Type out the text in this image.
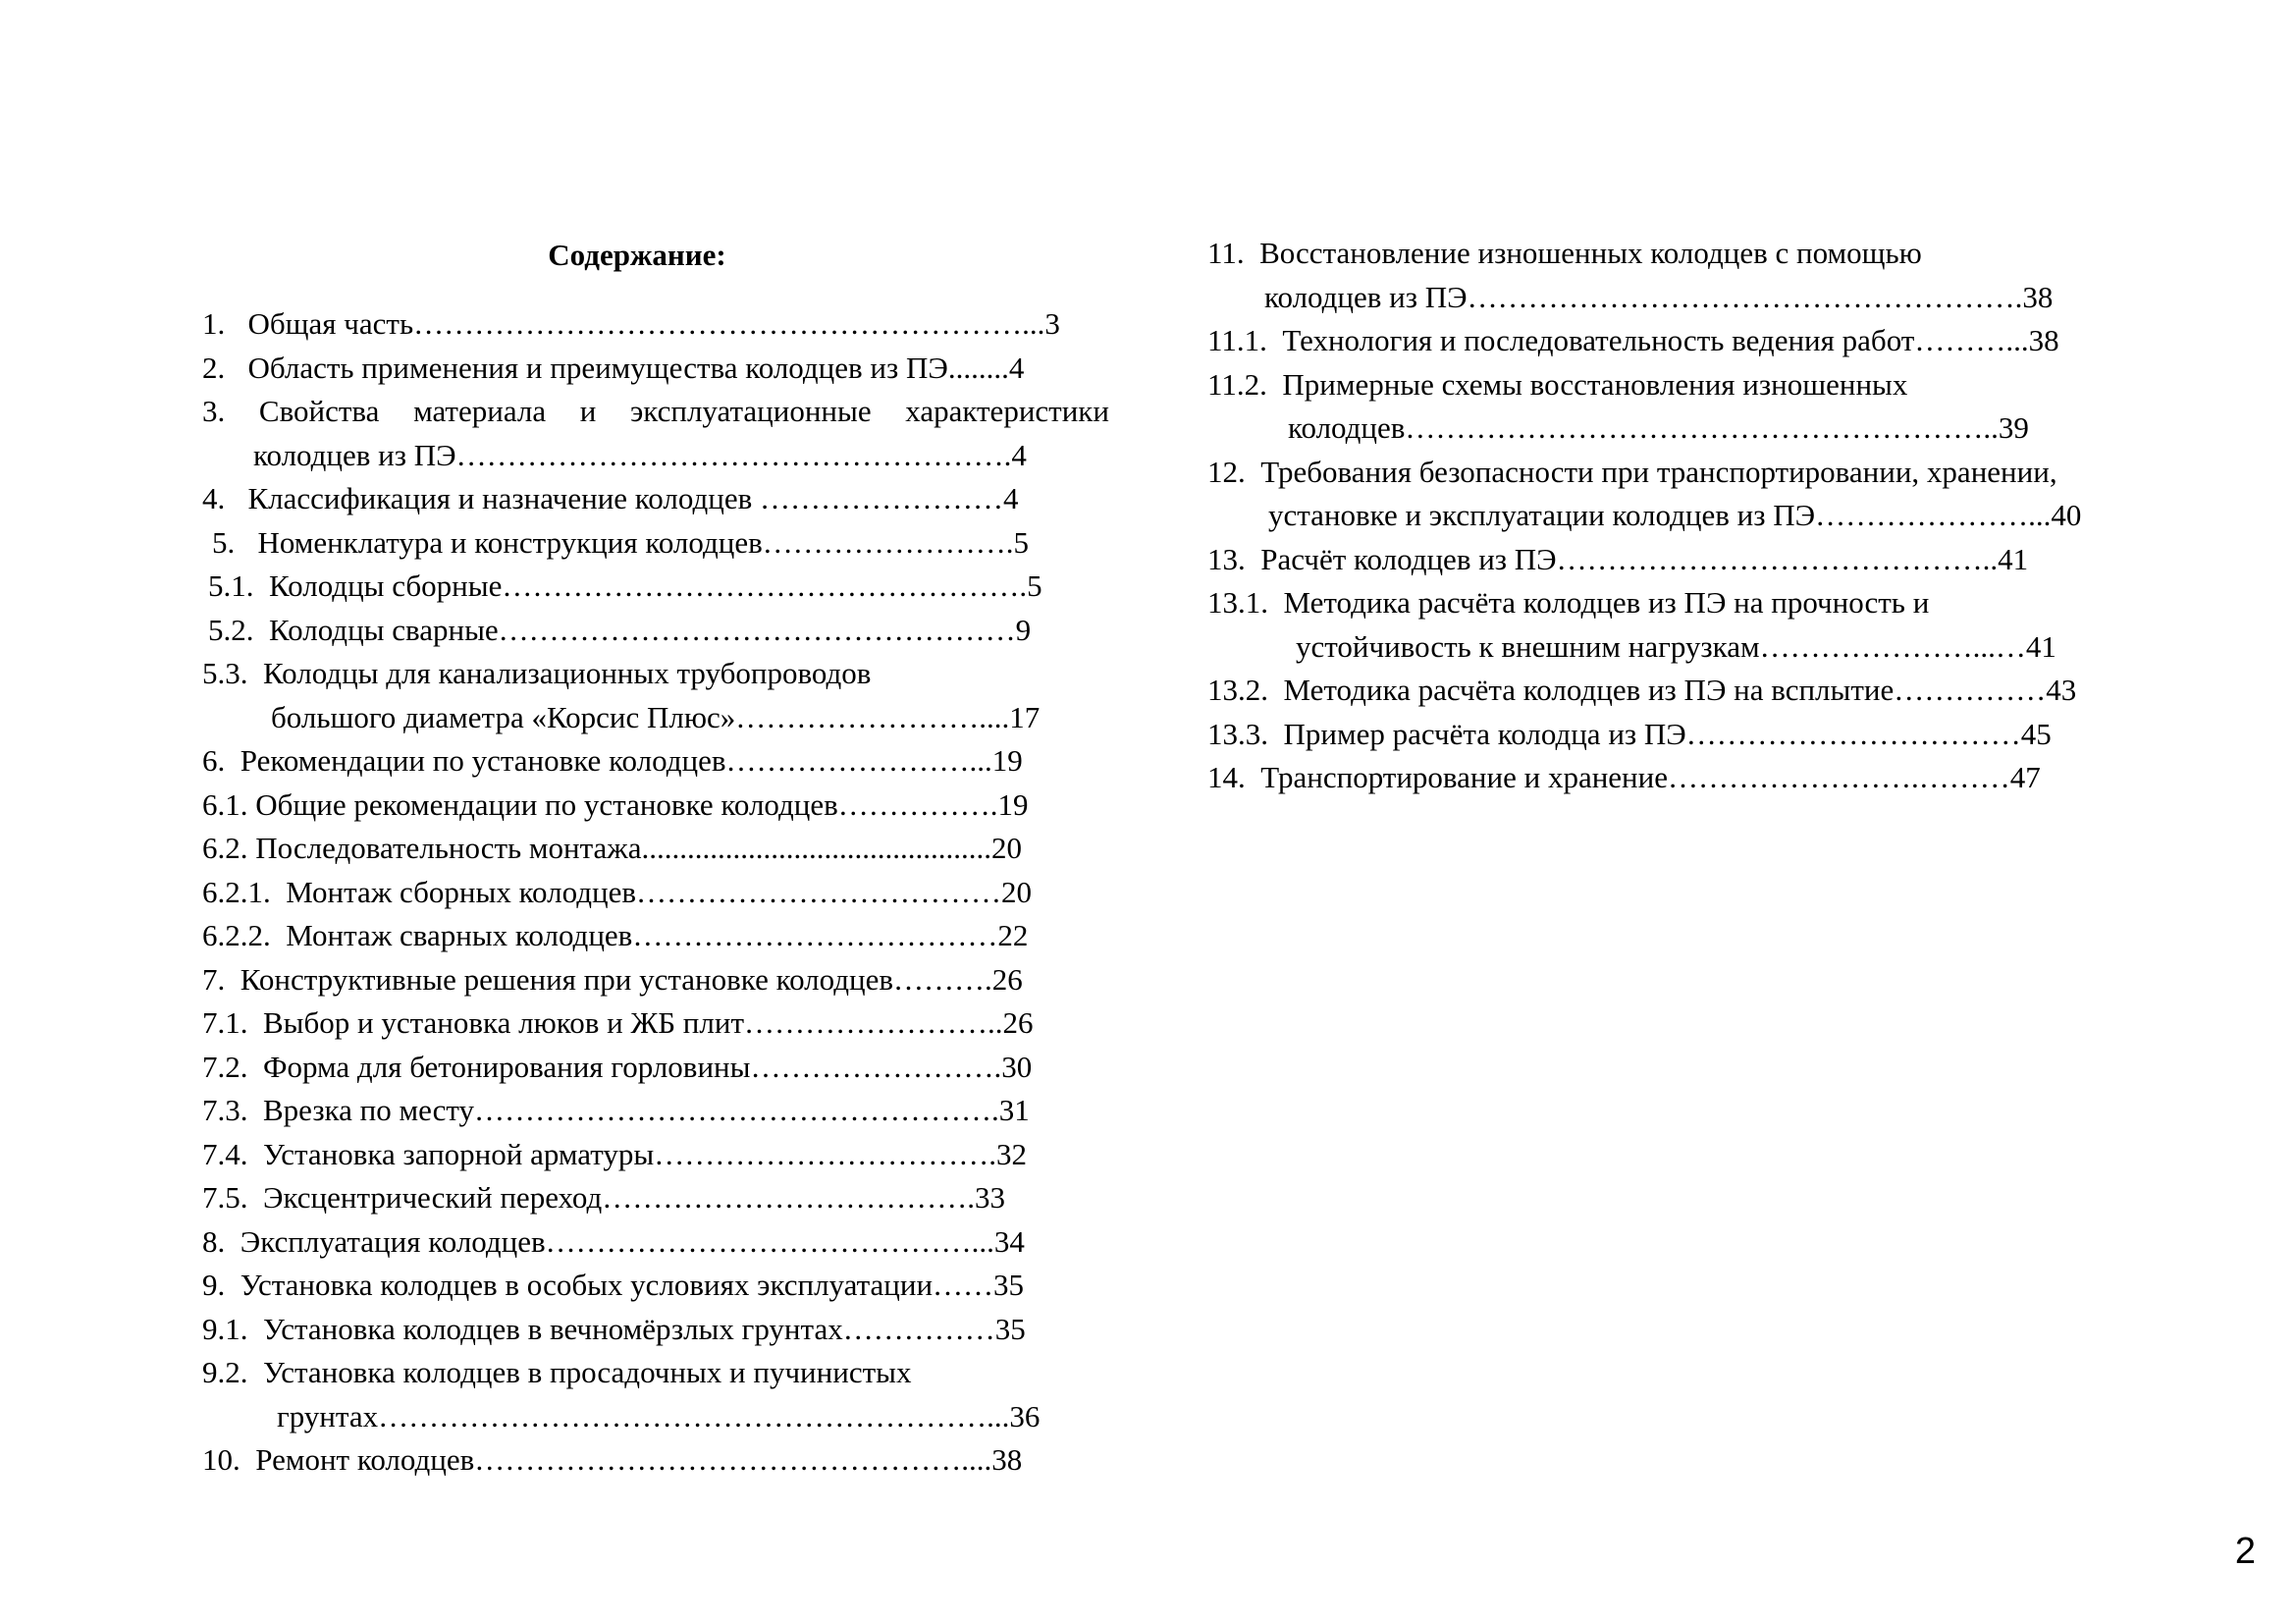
Содержание:
1.   Общая часть……………………………………………………...3
2.   Область применения и преимущества колодцев из ПЭ........4
3. Свойства материала и эксплуатационные характеристики
колодцев из ПЭ……………………………………………….4
4.   Классификация и назначение колодцев ……………………4
5.   Номенклатура и конструкция колодцев…………………….5
5.1.  Колодцы сборные…………………………………………….5
5.2.  Колодцы сварные……………………………………………9
5.3.  Колодцы для канализационных трубопроводов
большого диаметра «Корсис Плюс»……………………....17
6.  Рекомендации по установке колодцев……………………...19
6.1. Общие рекомендации по установке колодцев…………….19
6.2. Последовательность монтажа..............................................20
6.2.1.  Монтаж сборных колодцев………………………………20
6.2.2.  Монтаж сварных колодцев………………………………22
7.  Конструктивные решения при установке колодцев……….26
7.1.  Выбор и установка люков и ЖБ плит……………………..26
7.2.  Форма для бетонирования горловины…………………….30
7.3.  Врезка по месту…………………………………………….31
7.4.  Установка запорной арматуры…………………………….32
7.5.  Эксцентрический переход……………………………….33
8.  Эксплуатация колодцев……………………………………...34
9.  Установка колодцев в особых условиях эксплуатации……35
9.1.  Установка колодцев в вечномёрзлых грунтах……………35
9.2.  Установка колодцев в просадочных и пучинистых
грунтах……………………………………………………...36
10.  Ремонт колодцев…………………………………………....38
11.  Восстановление изношенных колодцев с помощью
колодцев из ПЭ……………………………………………….38
11.1.  Технология и последовательность ведения работ………...38
11.2.  Примерные схемы восстановления изношенных
колодцев…………………………………………………..39
12.  Требования безопасности при транспортировании, хранении,
установке и эксплуатации колодцев из ПЭ…………………...40
13.  Расчёт колодцев из ПЭ……………………………………..41
13.1.  Методика расчёта колодцев из ПЭ на прочность и
устойчивость к внешним нагрузкам…………………...…41
13.2.  Методика расчёта колодцев из ПЭ на всплытие……………43
13.3.  Пример расчёта колодца из ПЭ……………………………45
14.  Транспортирование и хранение…………………….………47

2
